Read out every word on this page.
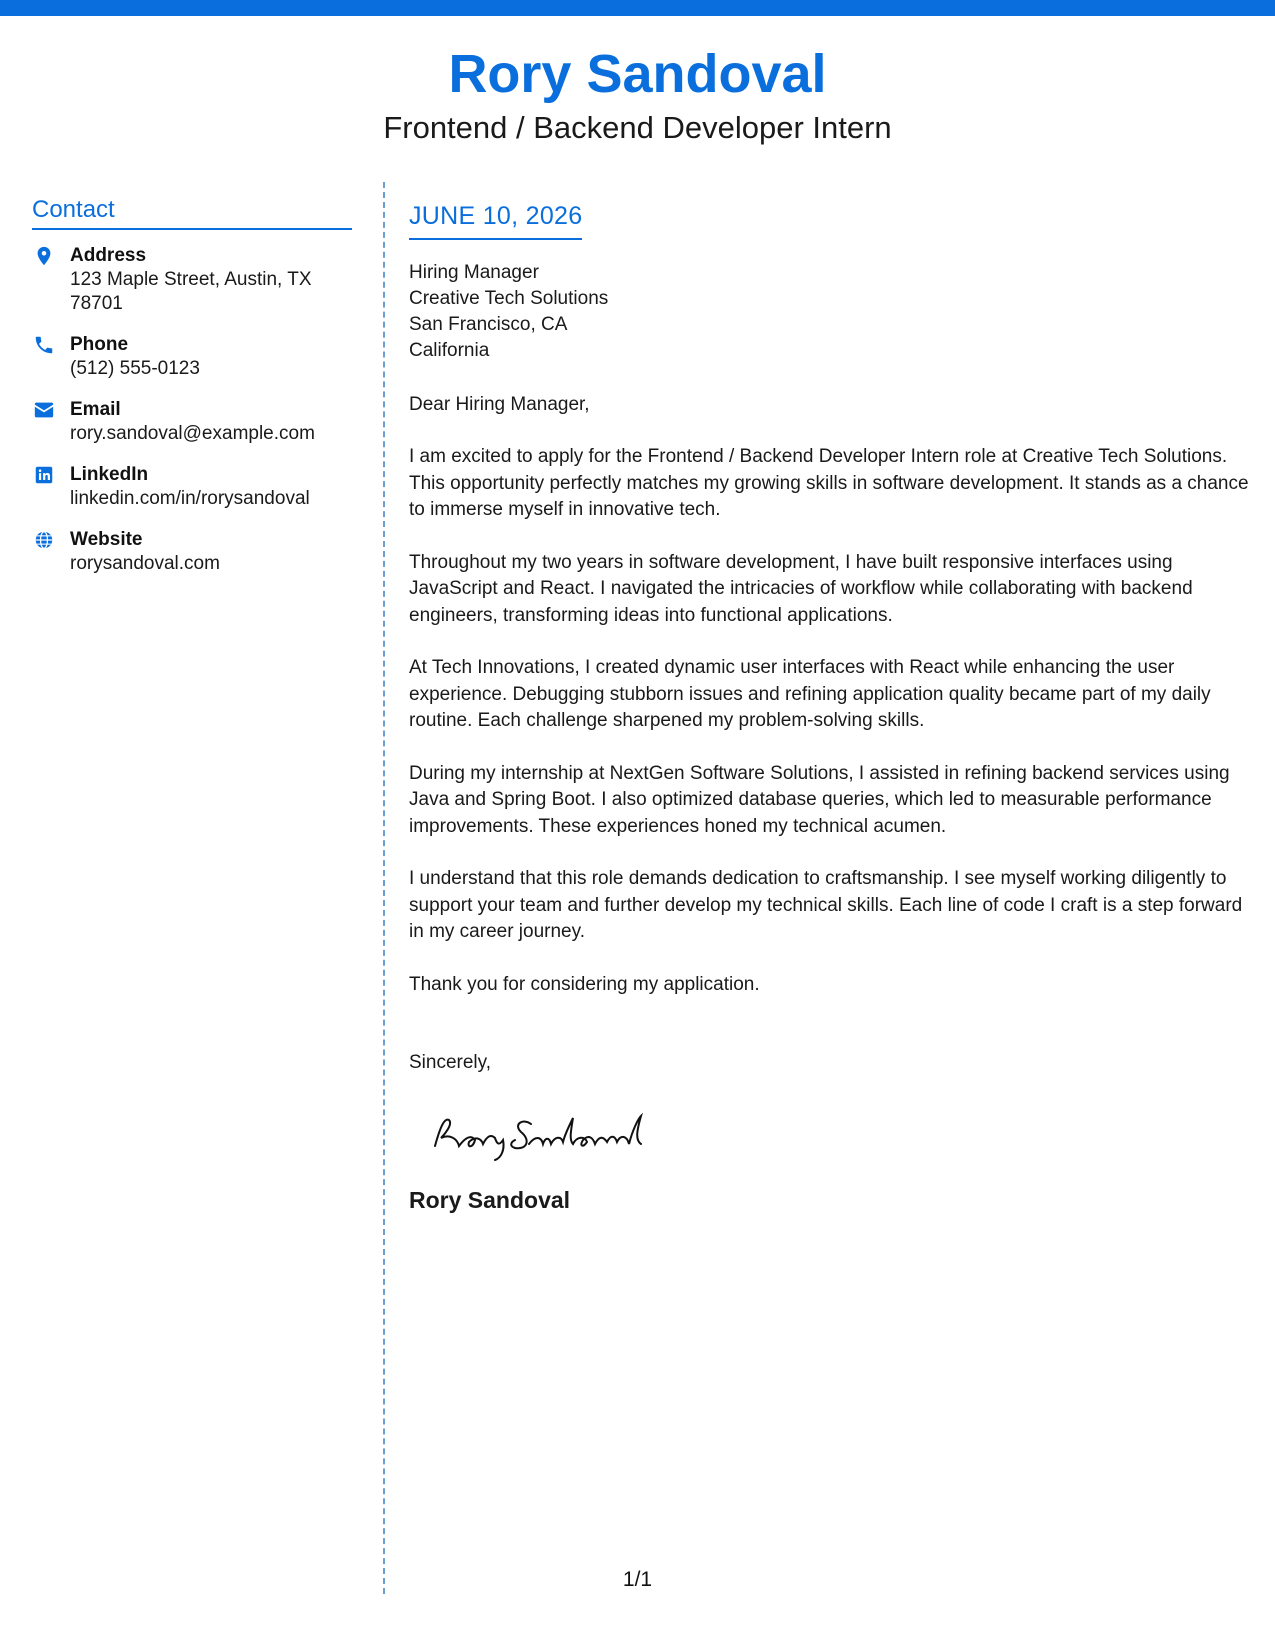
Rory Sandoval
Frontend / Backend Developer Intern
Contact
Address
123 Maple Street, Austin, TX 78701
Phone
(512) 555-0123
Email
rory.sandoval@example.com
LinkedIn
linkedin.com/in/rorysandoval
Website
rorysandoval.com
JUNE 10, 2026
Hiring Manager
Creative Tech Solutions
San Francisco, CA
California
Dear Hiring Manager,
I am excited to apply for the Frontend / Backend Developer Intern role at Creative Tech Solutions. This opportunity perfectly matches my growing skills in software development. It stands as a chance to immerse myself in innovative tech.
Throughout my two years in software development, I have built responsive interfaces using JavaScript and React. I navigated the intricacies of workflow while collaborating with backend engineers, transforming ideas into functional applications.
At Tech Innovations, I created dynamic user interfaces with React while enhancing the user experience. Debugging stubborn issues and refining application quality became part of my daily routine. Each challenge sharpened my problem-solving skills.
During my internship at NextGen Software Solutions, I assisted in refining backend services using Java and Spring Boot. I also optimized database queries, which led to measurable performance improvements. These experiences honed my technical acumen.
I understand that this role demands dedication to craftsmanship. I see myself working diligently to support your team and further develop my technical skills. Each line of code I craft is a step forward in my career journey.
Thank you for considering my application.
Sincerely,
Rory Sandoval
1/1
